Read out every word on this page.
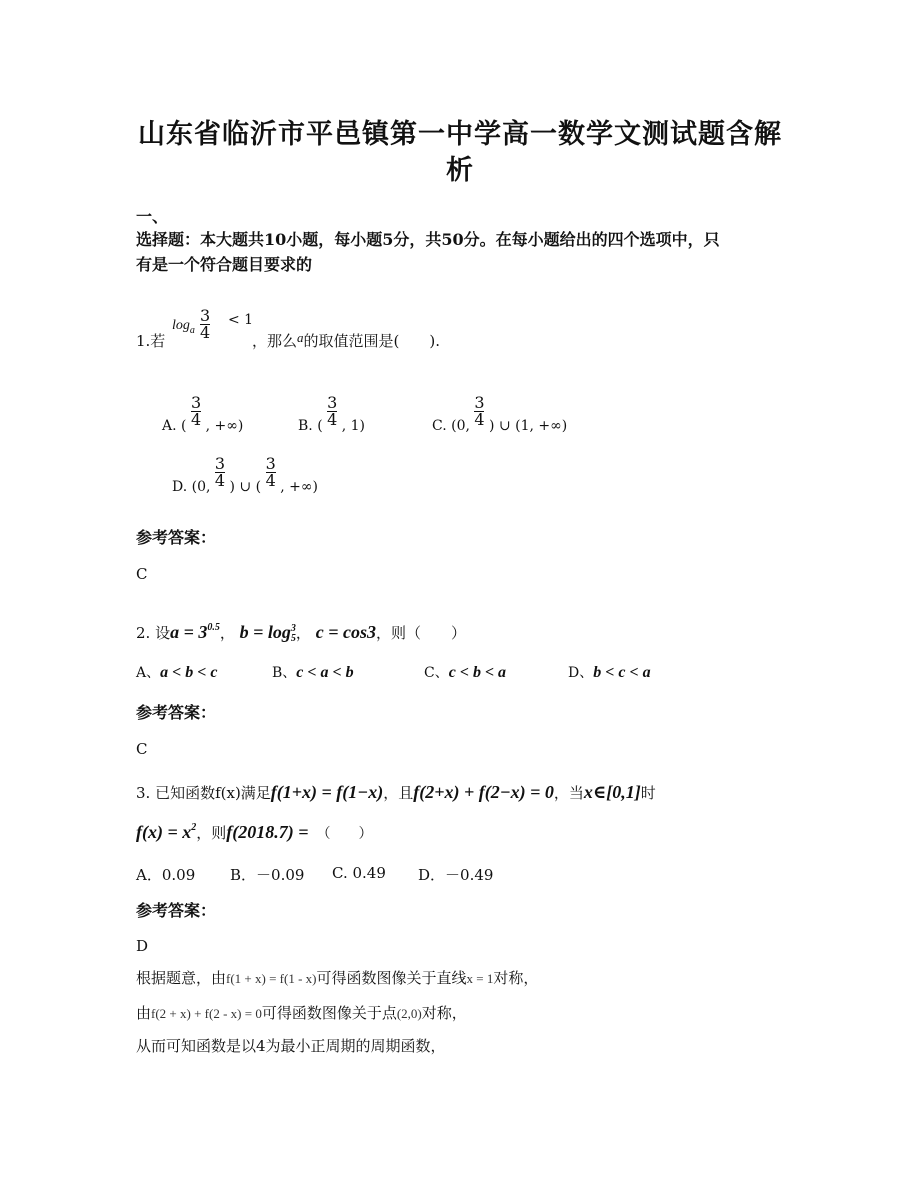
山东省临沂市平邑镇第一中学高一数学文测试题含解
析
一、
选择题：本大题共10小题，每小题5分，共50分。在每小题给出的四个选项中，只
有是一个符合题目要求的
$\log_a \frac{3}{4} < 1$
1.若	，那么a的取值范围是(　　).
A. ( $\frac{3}{4}$ , +∞)	B. ( $\frac{3}{4}$ , 1)	C. (0, $\frac{3}{4}$ ) ∪ (1, +∞)
D. (0, $\frac{3}{4}$ ) ∪ ( $\frac{3}{4}$ , +∞)
参考答案：
C
2. 设$a = 3^{0.5}$， b = log 3
5 ， c = cos3，则（　　）
A、a < b < c	B、c < a < b	C、c < b < a	D、b < c < a
参考答案：
C
3. 已知函数f(x)满足f(1+x) = f(1−x)，且f(2+x) + f(2−x) = 0，当x∈[0,1]时
$f(x) = x^2$，则f(2018.7) = （　　）
A．0.09 B．－0.09 C. 0.49 D．－0.49
参考答案：
D
根据题意，由f(1 + x) = f(1 - x)可得函数图像关于直线x = 1对称，
由f(2 + x) + f(2 - x) = 0可得函数图像关于点(2,0)对称，
从而可知函数是以4为最小正周期的周期函数，
